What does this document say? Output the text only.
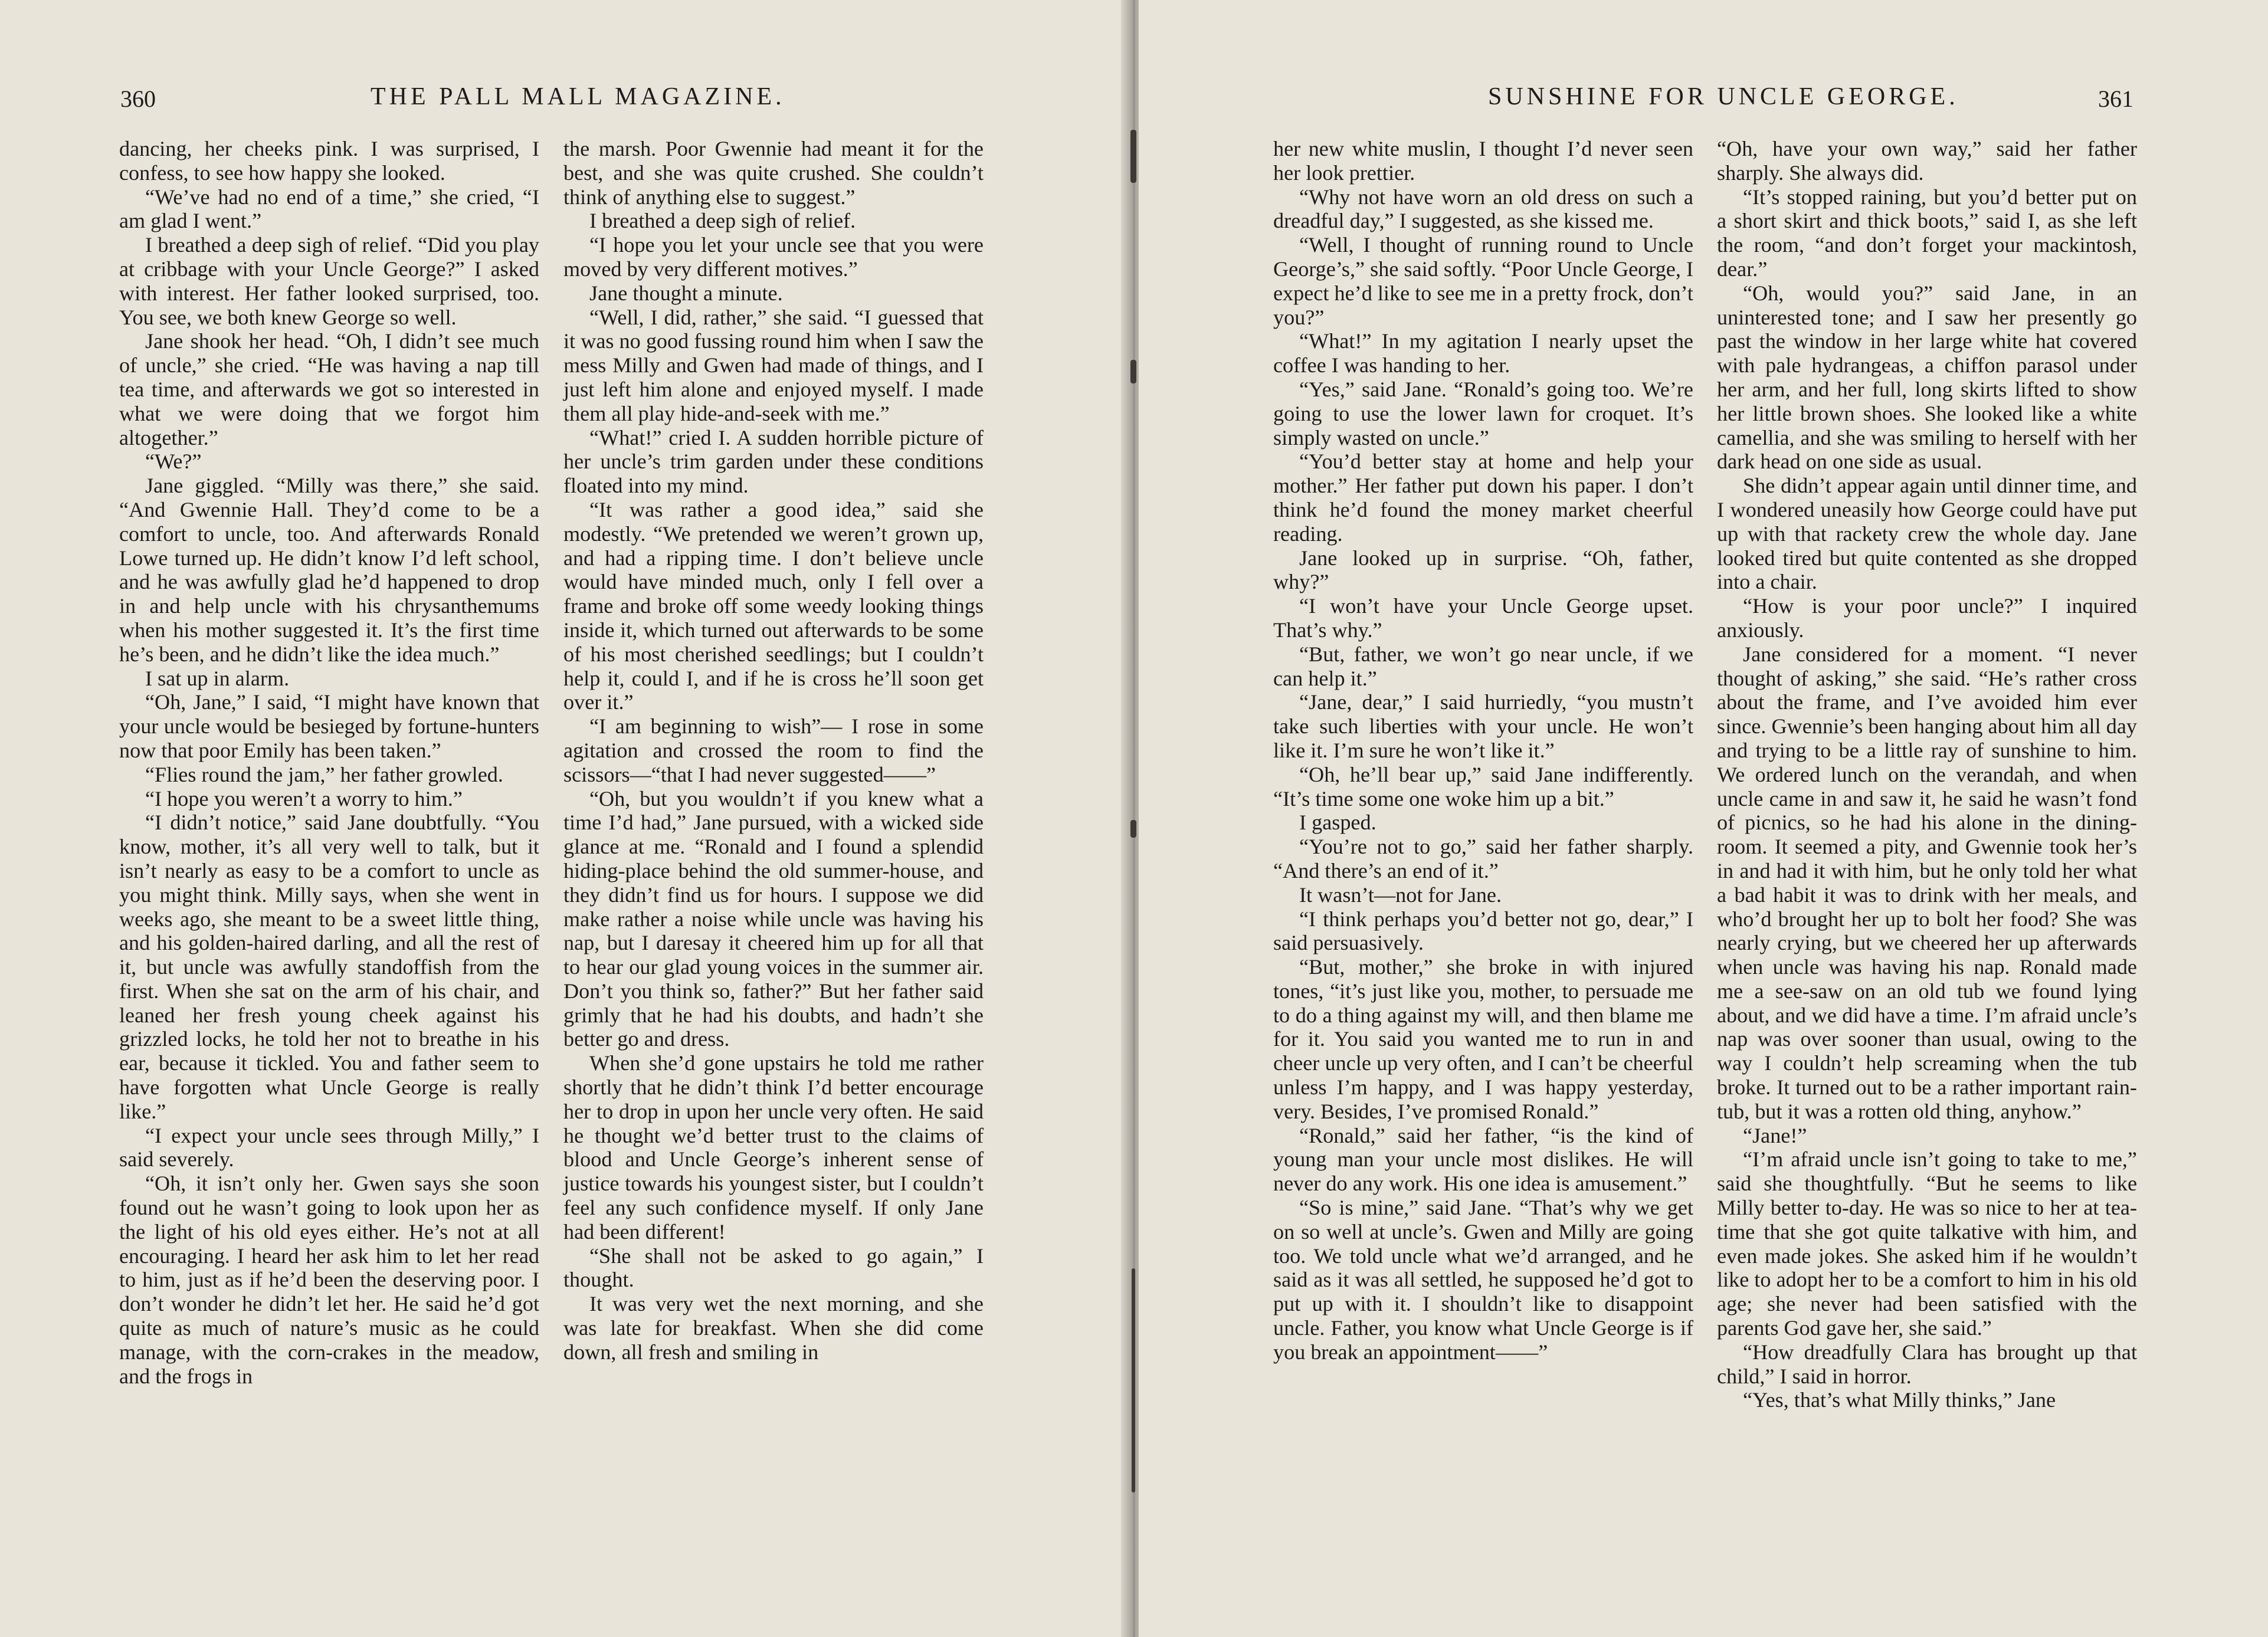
360	THE PALL MALL MAGAZINE.

dancing, her cheeks pink. I was surprised, I confess, to see how happy she looked.

“We’ve had no end of a time,” she cried, “I am glad I went.”

I breathed a deep sigh of relief. “Did you play at cribbage with your Uncle George?” I asked with interest. Her father looked surprised, too. You see, we both knew George so well.

Jane shook her head. “Oh, I didn’t see much of uncle,” she cried. “He was having a nap till tea time, and afterwards we got so interested in what we were doing that we forgot him altogether.”

“We?”

Jane giggled. “Milly was there,” she said. “And Gwennie Hall. They’d come to be a comfort to uncle, too. And afterwards Ronald Lowe turned up. He didn’t know I’d left school, and he was awfully glad he’d happened to drop in and help uncle with his chrysanthemums when his mother suggested it. It’s the first time he’s been, and he didn’t like the idea much.”

I sat up in alarm.

“Oh, Jane,” I said, “I might have known that your uncle would be besieged by fortune-hunters now that poor Emily has been taken.”

“Flies round the jam,” her father growled.

“I hope you weren’t a worry to him.”

“I didn’t notice,” said Jane doubtfully. “You know, mother, it’s all very well to talk, but it isn’t nearly as easy to be a comfort to uncle as you might think. Milly says, when she went in weeks ago, she meant to be a sweet little thing, and his golden-haired darling, and all the rest of it, but uncle was awfully standoffish from the first. When she sat on the arm of his chair, and leaned her fresh young cheek against his grizzled locks, he told her not to breathe in his ear, because it tickled. You and father seem to have forgotten what Uncle George is really like.”

“I expect your uncle sees through Milly,” I said severely.

“Oh, it isn’t only her. Gwen says she soon found out he wasn’t going to look upon her as the light of his old eyes either. He’s not at all encouraging. I heard her ask him to let her read to him, just as if he’d been the deserving poor. I don’t wonder he didn’t let her. He said he’d got quite as much of nature’s music as he could manage, with the corn-crakes in the meadow, and the frogs in

the marsh. Poor Gwennie had meant it for the best, and she was quite crushed. She couldn’t think of anything else to suggest.”

I breathed a deep sigh of relief.

“I hope you let your uncle see that you were moved by very different motives.”

Jane thought a minute.

“Well, I did, rather,” she said. “I guessed that it was no good fussing round him when I saw the mess Milly and Gwen had made of things, and I just left him alone and enjoyed myself. I made them all play hide-and-seek with me.”

“What!” cried I. A sudden horrible picture of her uncle’s trim garden under these conditions floated into my mind.

“It was rather a good idea,” said she modestly. “We pretended we weren’t grown up, and had a ripping time. I don’t believe uncle would have minded much, only I fell over a frame and broke off some weedy looking things inside it, which turned out afterwards to be some of his most cherished seedlings; but I couldn’t help it, could I, and if he is cross he’ll soon get over it.”

“I am beginning to wish”— I rose in some agitation and crossed the room to find the scissors—“that I had never suggested——”

“Oh, but you wouldn’t if you knew what a time I’d had,” Jane pursued, with a wicked side glance at me. “Ronald and I found a splendid hiding-place behind the old summer-house, and they didn’t find us for hours. I suppose we did make rather a noise while uncle was having his nap, but I daresay it cheered him up for all that to hear our glad young voices in the summer air. Don’t you think so, father?” But her father said grimly that he had his doubts, and hadn’t she better go and dress.

When she’d gone upstairs he told me rather shortly that he didn’t think I’d better encourage her to drop in upon her uncle very often. He said he thought we’d better trust to the claims of blood and Uncle George’s inherent sense of justice towards his youngest sister, but I couldn’t feel any such confidence myself. If only Jane had been different!

“She shall not be asked to go again,” I thought.

It was very wet the next morning, and she was late for breakfast. When she did come down, all fresh and smiling in

SUNSHINE FOR UNCLE GEORGE.	361

her new white muslin, I thought I’d never seen her look prettier.

“Why not have worn an old dress on such a dreadful day,” I suggested, as she kissed me.

“Well, I thought of running round to Uncle George’s,” she said softly. “Poor Uncle George, I expect he’d like to see me in a pretty frock, don’t you?”

“What!” In my agitation I nearly upset the coffee I was handing to her.

“Yes,” said Jane. “Ronald’s going too. We’re going to use the lower lawn for croquet. It’s simply wasted on uncle.”

“You’d better stay at home and help your mother.” Her father put down his paper. I don’t think he’d found the money market cheerful reading.

Jane looked up in surprise. “Oh, father, why?”

“I won’t have your Uncle George upset. That’s why.”

“But, father, we won’t go near uncle, if we can help it.”

“Jane, dear,” I said hurriedly, “you mustn’t take such liberties with your uncle. He won’t like it. I’m sure he won’t like it.”

“Oh, he’ll bear up,” said Jane indifferently. “It’s time some one woke him up a bit.”

I gasped.

“You’re not to go,” said her father sharply. “And there’s an end of it.”

It wasn’t—not for Jane.

“I think perhaps you’d better not go, dear,” I said persuasively.

“But, mother,” she broke in with injured tones, “it’s just like you, mother, to persuade me to do a thing against my will, and then blame me for it. You said you wanted me to run in and cheer uncle up very often, and I can’t be cheerful unless I’m happy, and I was happy yesterday, very. Besides, I’ve promised Ronald.”

“Ronald,” said her father, “is the kind of young man your uncle most dislikes. He will never do any work. His one idea is amusement.”

“So is mine,” said Jane. “That’s why we get on so well at uncle’s. Gwen and Milly are going too. We told uncle what we’d arranged, and he said as it was all settled, he supposed he’d got to put up with it. I shouldn’t like to disappoint uncle. Father, you know what Uncle George is if you break an appointment——”

“Oh, have your own way,” said her father sharply. She always did.

“It’s stopped raining, but you’d better put on a short skirt and thick boots,” said I, as she left the room, “and don’t forget your mackintosh, dear.”

“Oh, would you?” said Jane, in an uninterested tone; and I saw her presently go past the window in her large white hat covered with pale hydrangeas, a chiffon parasol under her arm, and her full, long skirts lifted to show her little brown shoes. She looked like a white camellia, and she was smiling to herself with her dark head on one side as usual.

She didn’t appear again until dinner time, and I wondered uneasily how George could have put up with that rackety crew the whole day. Jane looked tired but quite contented as she dropped into a chair.

“How is your poor uncle?” I inquired anxiously.

Jane considered for a moment. “I never thought of asking,” she said. “He’s rather cross about the frame, and I’ve avoided him ever since. Gwennie’s been hanging about him all day and trying to be a little ray of sunshine to him. We ordered lunch on the verandah, and when uncle came in and saw it, he said he wasn’t fond of picnics, so he had his alone in the dining-room. It seemed a pity, and Gwennie took her’s in and had it with him, but he only told her what a bad habit it was to drink with her meals, and who’d brought her up to bolt her food? She was nearly crying, but we cheered her up afterwards when uncle was having his nap. Ronald made me a see-saw on an old tub we found lying about, and we did have a time. I’m afraid uncle’s nap was over sooner than usual, owing to the way I couldn’t help screaming when the tub broke. It turned out to be a rather important rain-tub, but it was a rotten old thing, anyhow.”

“Jane!”

“I’m afraid uncle isn’t going to take to me,” said she thoughtfully. “But he seems to like Milly better to-day. He was so nice to her at tea-time that she got quite talkative with him, and even made jokes. She asked him if he wouldn’t like to adopt her to be a comfort to him in his old age; she never had been satisfied with the parents God gave her, she said.”

“How dreadfully Clara has brought up that child,” I said in horror.

“Yes, that’s what Milly thinks,” Jane
